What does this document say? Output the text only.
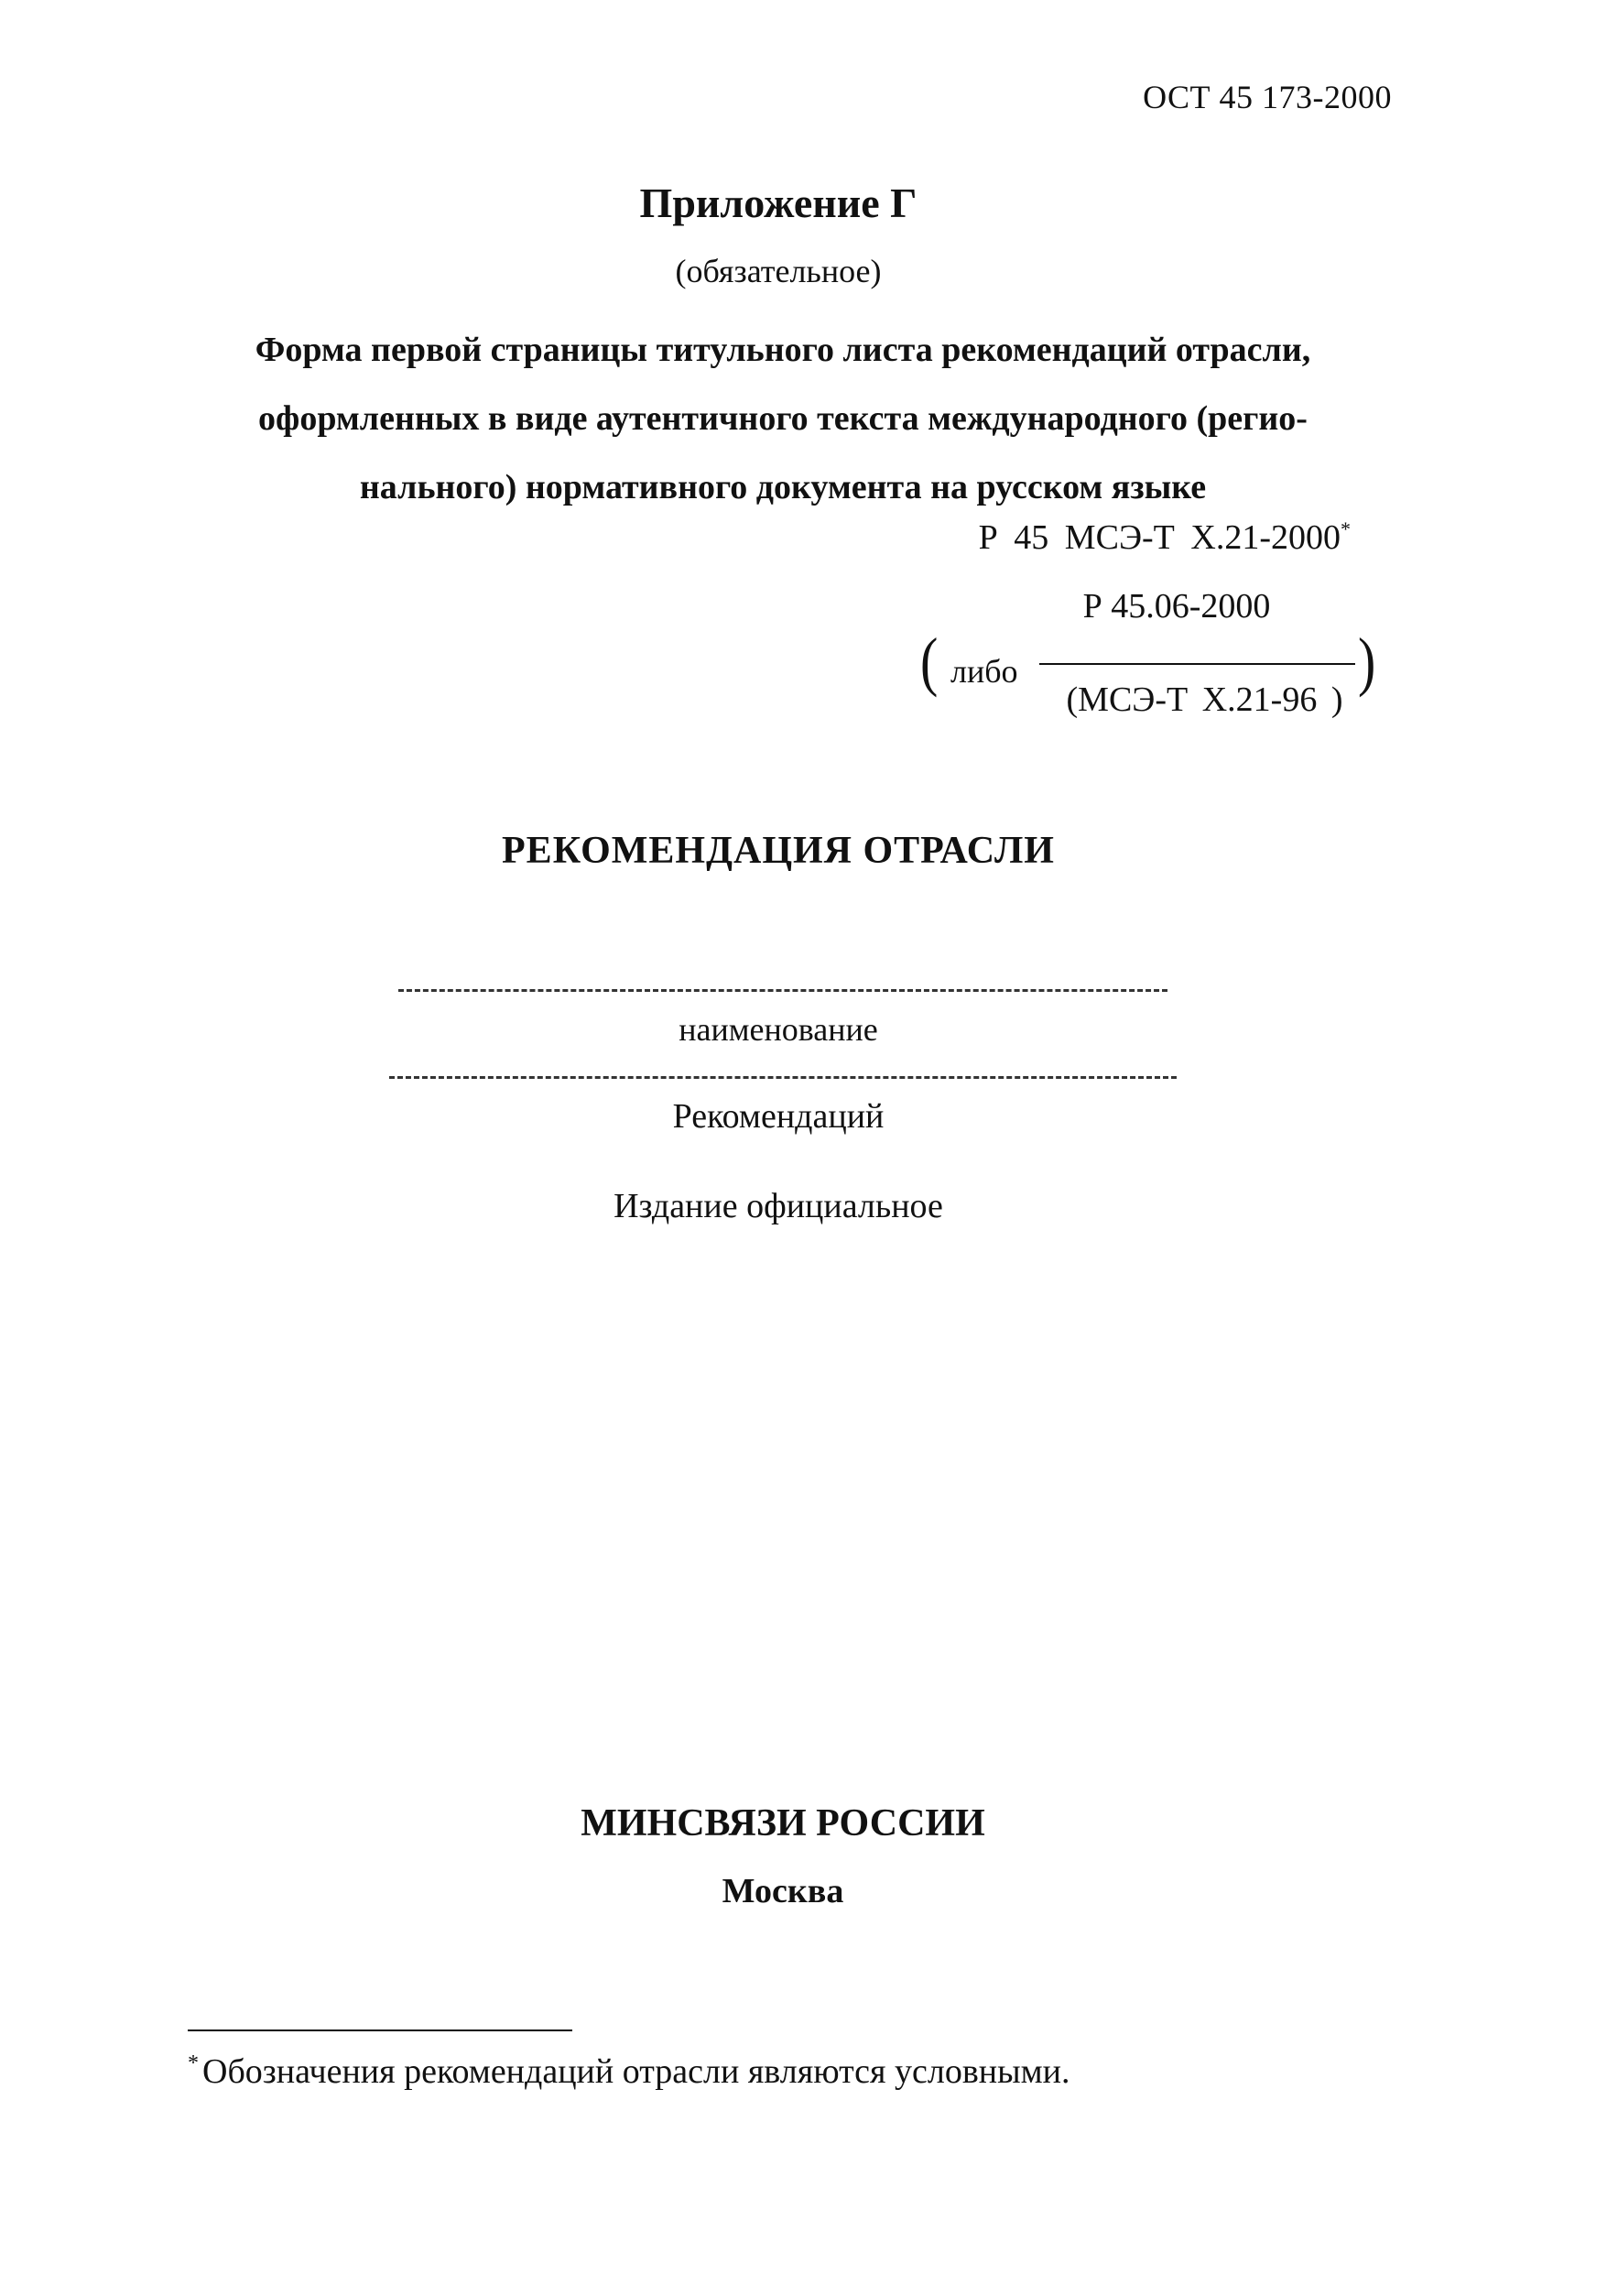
ОСТ 45 173-2000
Приложение Г
(обязательное)
Форма первой страницы титульного листа рекомендаций отрасли,
оформленных в виде аутентичного текста международного (регио-
нального) нормативного документа на русском языке
Р 45 МСЭ-Т Х.21-2000*
( либо
Р 45.06-2000
(МСЭ-Т Х.21-96 )
)
РЕКОМЕНДАЦИЯ ОТРАСЛИ
наименование
Рекомендаций
Издание официальное
МИНСВЯЗИ РОССИИ
Москва
* Обозначения рекомендаций отрасли являются условными.
